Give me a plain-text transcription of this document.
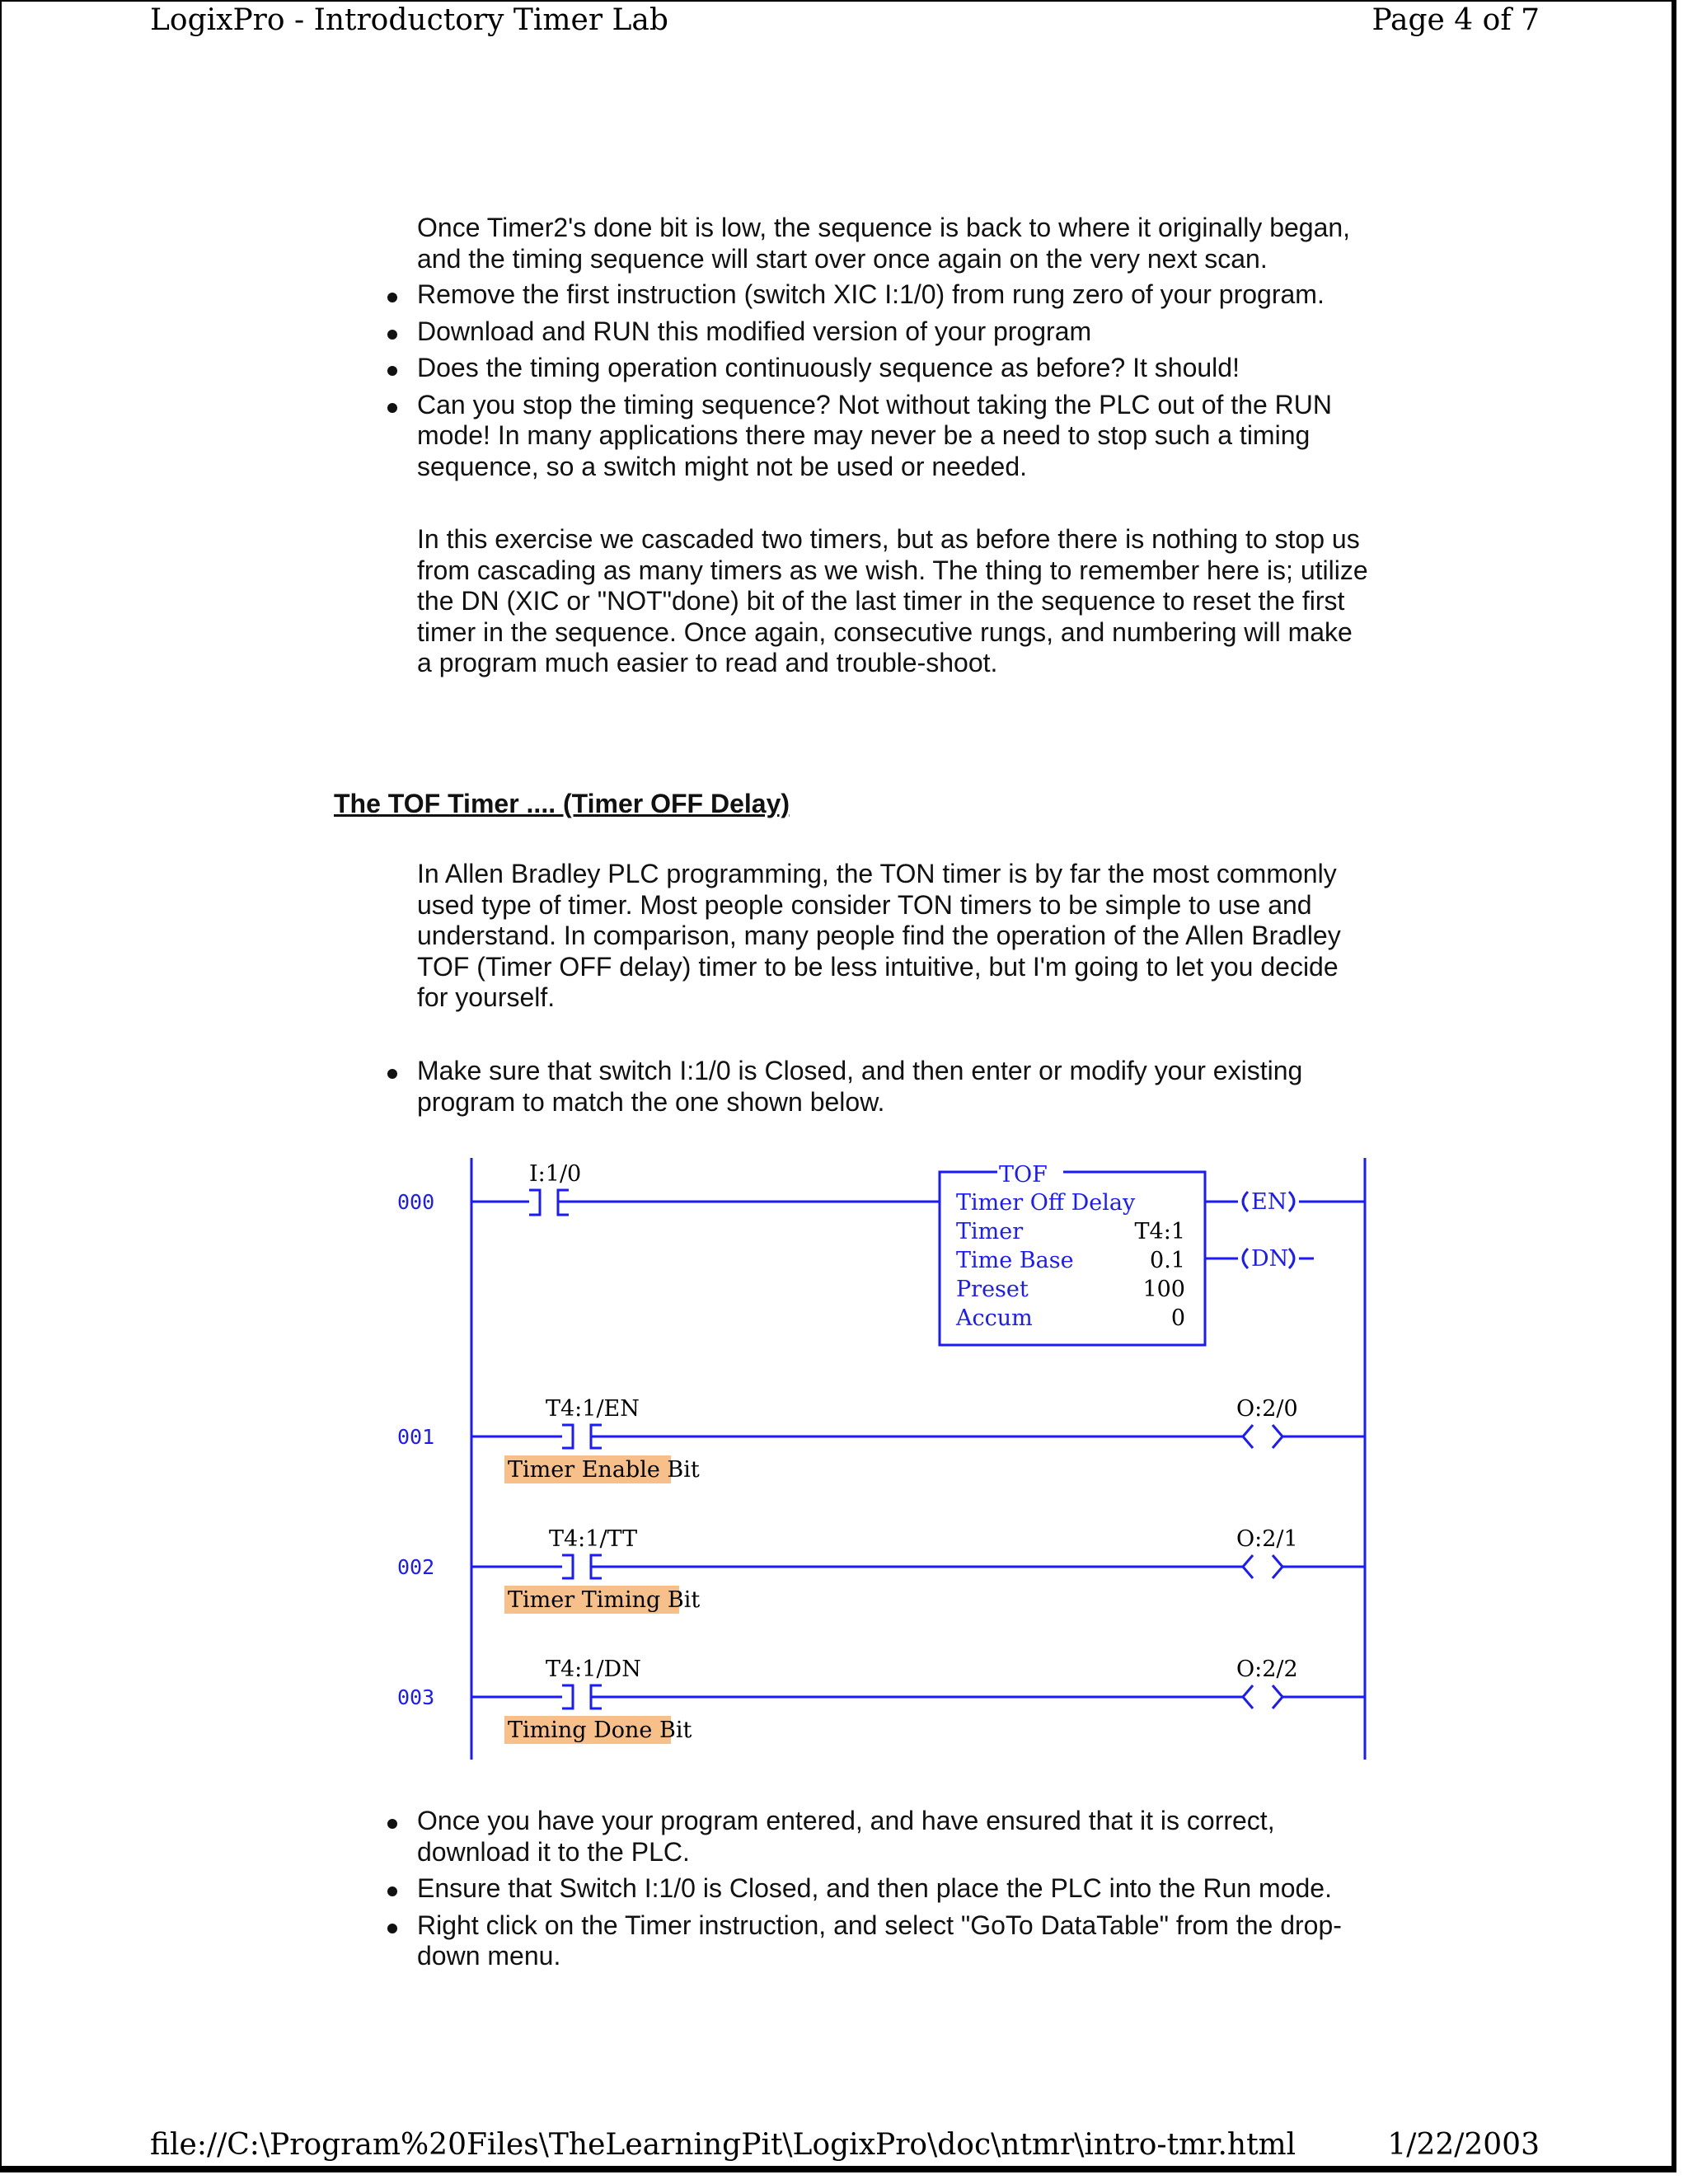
LogixPro - Introductory Timer Lab	Page 4 of 7
Once Timer2's done bit is low, the sequence is back to where it originally began,
and the timing sequence will start over once again on the very next scan.
Remove the first instruction (switch XIC I:1/0) from rung zero of your program.
Download and RUN this modified version of your program
Does the timing operation continuously sequence as before? It should!
Can you stop the timing sequence? Not without taking the PLC out of the RUN
mode! In many applications there may never be a need to stop such a timing
sequence, so a switch might not be used or needed.
In this exercise we cascaded two timers, but as before there is nothing to stop us
from cascading as many timers as we wish. The thing to remember here is; utilize
the DN (XIC or "NOT"done) bit of the last timer in the sequence to reset the first
timer in the sequence. Once again, consecutive rungs, and numbering will make
a program much easier to read and trouble-shoot.
The TOF Timer .... (Timer OFF Delay)
In Allen Bradley PLC programming, the TON timer is by far the most commonly
used type of timer. Most people consider TON timers to be simple to use and
understand. In comparison, many people find the operation of the Allen Bradley
TOF (Timer OFF delay) timer to be less intuitive, but I'm going to let you decide
for yourself.
Make sure that switch I:1/0 is Closed, and then enter or modify your existing
program to match the one shown below.
000
I:1/0	TOF
Timer Off Delay
Timer	T4:1
Time Base	0.1
Preset	100
Accum	0
EN
DN
001
T4:1/EN
Timer Enable Bit
O:2/0
002
T4:1/TT
Timer Timing Bit
O:2/1
003
T4:1/DN
Timing Done Bit
O:2/2
Once you have your program entered, and have ensured that it is correct,
download it to the PLC.
Ensure that Switch I:1/0 is Closed, and then place the PLC into the Run mode.
Right click on the Timer instruction, and select "GoTo DataTable" from the drop-
down menu.
file://C:\Program%20Files\TheLearningPit\LogixPro\doc\ntmr\intro-tmr.html	1/22/2003
